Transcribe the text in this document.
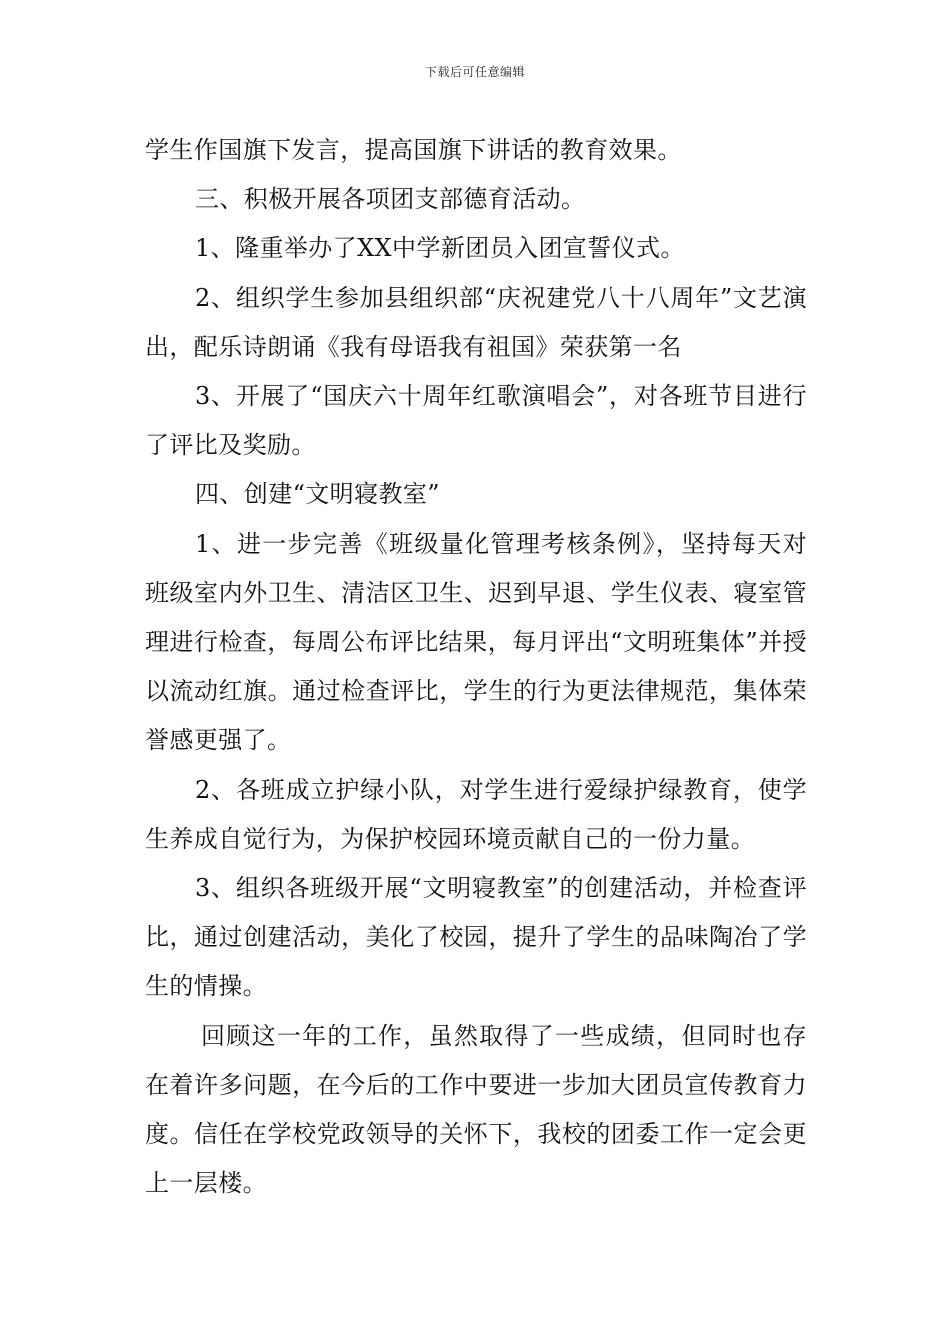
下载后可任意编辑

学生作国旗下发言，提高国旗下讲话的教育效果。

三、积极开展各项团支部德育活动。

1、隆重举办了XX中学新团员入团宣誓仪式。

2、组织学生参加县组织部“庆祝建党八十八周年”文艺演出，配乐诗朗诵《我有母语我有祖国》荣获第一名

3、开展了“国庆六十周年红歌演唱会”，对各班节目进行了评比及奖励。

四、创建“文明寝教室”

1、进一步完善《班级量化管理考核条例》，坚持每天对班级室内外卫生、清洁区卫生、迟到早退、学生仪表、寝室管理进行检查，每周公布评比结果，每月评出“文明班集体”并授以流动红旗。通过检查评比，学生的行为更法律规范，集体荣誉感更强了。

2、各班成立护绿小队，对学生进行爱绿护绿教育，使学生养成自觉行为，为保护校园环境贡献自己的一份力量。

3、组织各班级开展“文明寝教室”的创建活动，并检查评比，通过创建活动，美化了校园，提升了学生的品味陶冶了学生的情操。

回顾这一年的工作，虽然取得了一些成绩，但同时也存在着许多问题，在今后的工作中要进一步加大团员宣传教育力度。信任在学校党政领导的关怀下，我校的团委工作一定会更上一层楼。
